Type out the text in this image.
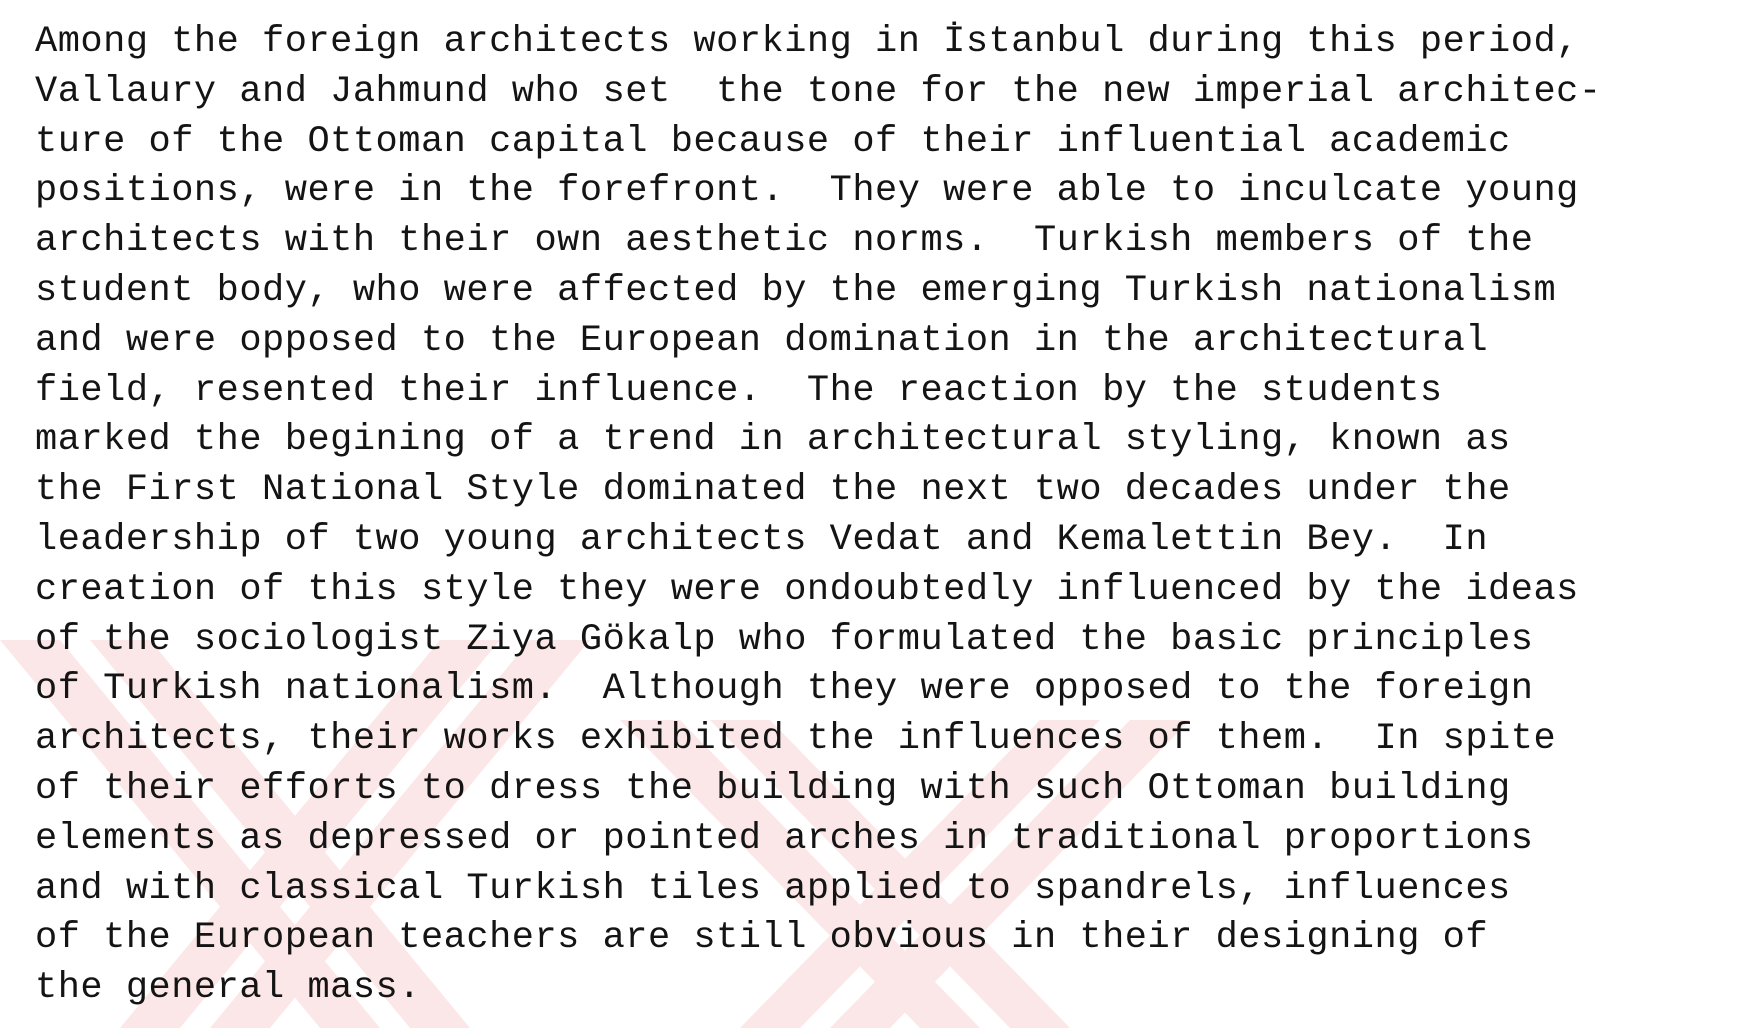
Among the foreign architects working in İstanbul during this period,

Vallaury and Jahmund who set  the tone for the new imperial architec-

ture of the Ottoman capital because of their influential academic

positions, were in the forefront.  They were able to inculcate young

architects with their own aesthetic norms.  Turkish members of the

student body, who were affected by the emerging Turkish nationalism

and were opposed to the European domination in the architectural

field, resented their influence.  The reaction by the students

marked the begining of a trend in architectural styling, known as

the First National Style dominated the next two decades under the

leadership of two young architects Vedat and Kemalettin Bey.  In

creation of this style they were ondoubtedly influenced by the ideas

of the sociologist Ziya Gökalp who formulated the basic principles

of Turkish nationalism.  Although they were opposed to the foreign

architects, their works exhibited the influences of them.  In spite

of their efforts to dress the building with such Ottoman building

elements as depressed or pointed arches in traditional proportions

and with classical Turkish tiles applied to spandrels, influences

of the European teachers are still obvious in their designing of

the general mass.
